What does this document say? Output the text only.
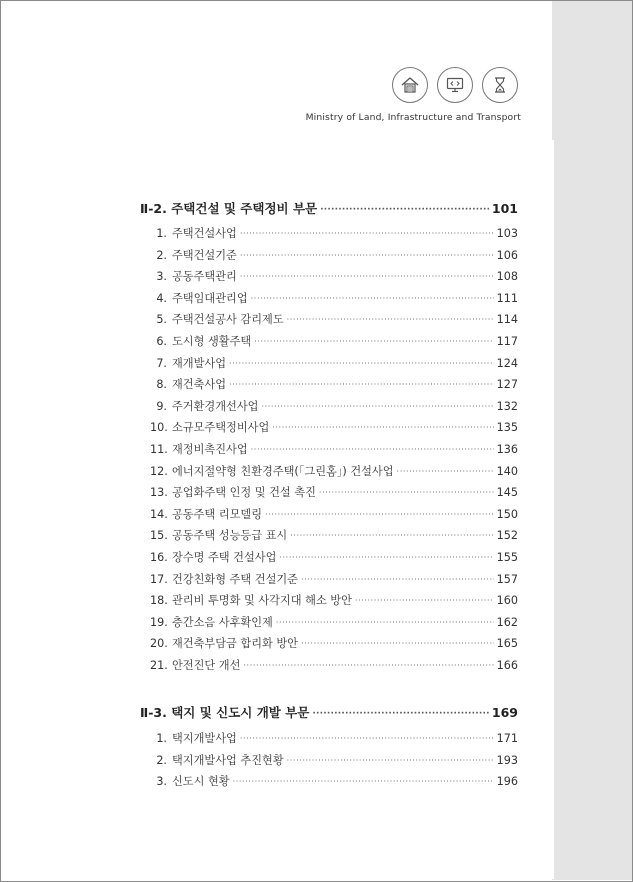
Ministry of Land, Infrastructure and Transport
Ⅱ-2. 주택건설 및 주택정비 부문 ·····	101
1. 주택건설사업 ·····	103
2. 주택건설기준 ·····	106
3. 공동주택관리 ·····	108
4. 주택임대관리업 ·····	111
5. 주택건설공사 감리제도 ·····	114
6. 도시형 생활주택 ·····	117
7. 재개발사업 ·····	124
8. 재건축사업 ·····	127
9. 주거환경개선사업 ·····	132
10. 소규모주택정비사업 ·····	135
11. 재정비촉진사업 ·····	136
12. 에너지절약형 친환경주택(「그린홈」) 건설사업 ·····	140
13. 공업화주택 인정 및 건설 촉진 ·····	145
14. 공동주택 리모델링 ·····	150
15. 공동주택 성능등급 표시 ·····	152
16. 장수명 주택 건설사업 ·····	155
17. 건강친화형 주택 건설기준 ·····	157
18. 관리비 투명화 및 사각지대 해소 방안 ·····	160
19. 층간소음 사후확인제 ·····	162
20. 재건축부담금 합리화 방안 ·····	165
21. 안전진단 개선 ·····	166
Ⅱ-3. 택지 및 신도시 개발 부문 ·····	169
1. 택지개발사업 ·····	171
2. 택지개발사업 추진현황 ·····	193
3. 신도시 현황 ·····	196
